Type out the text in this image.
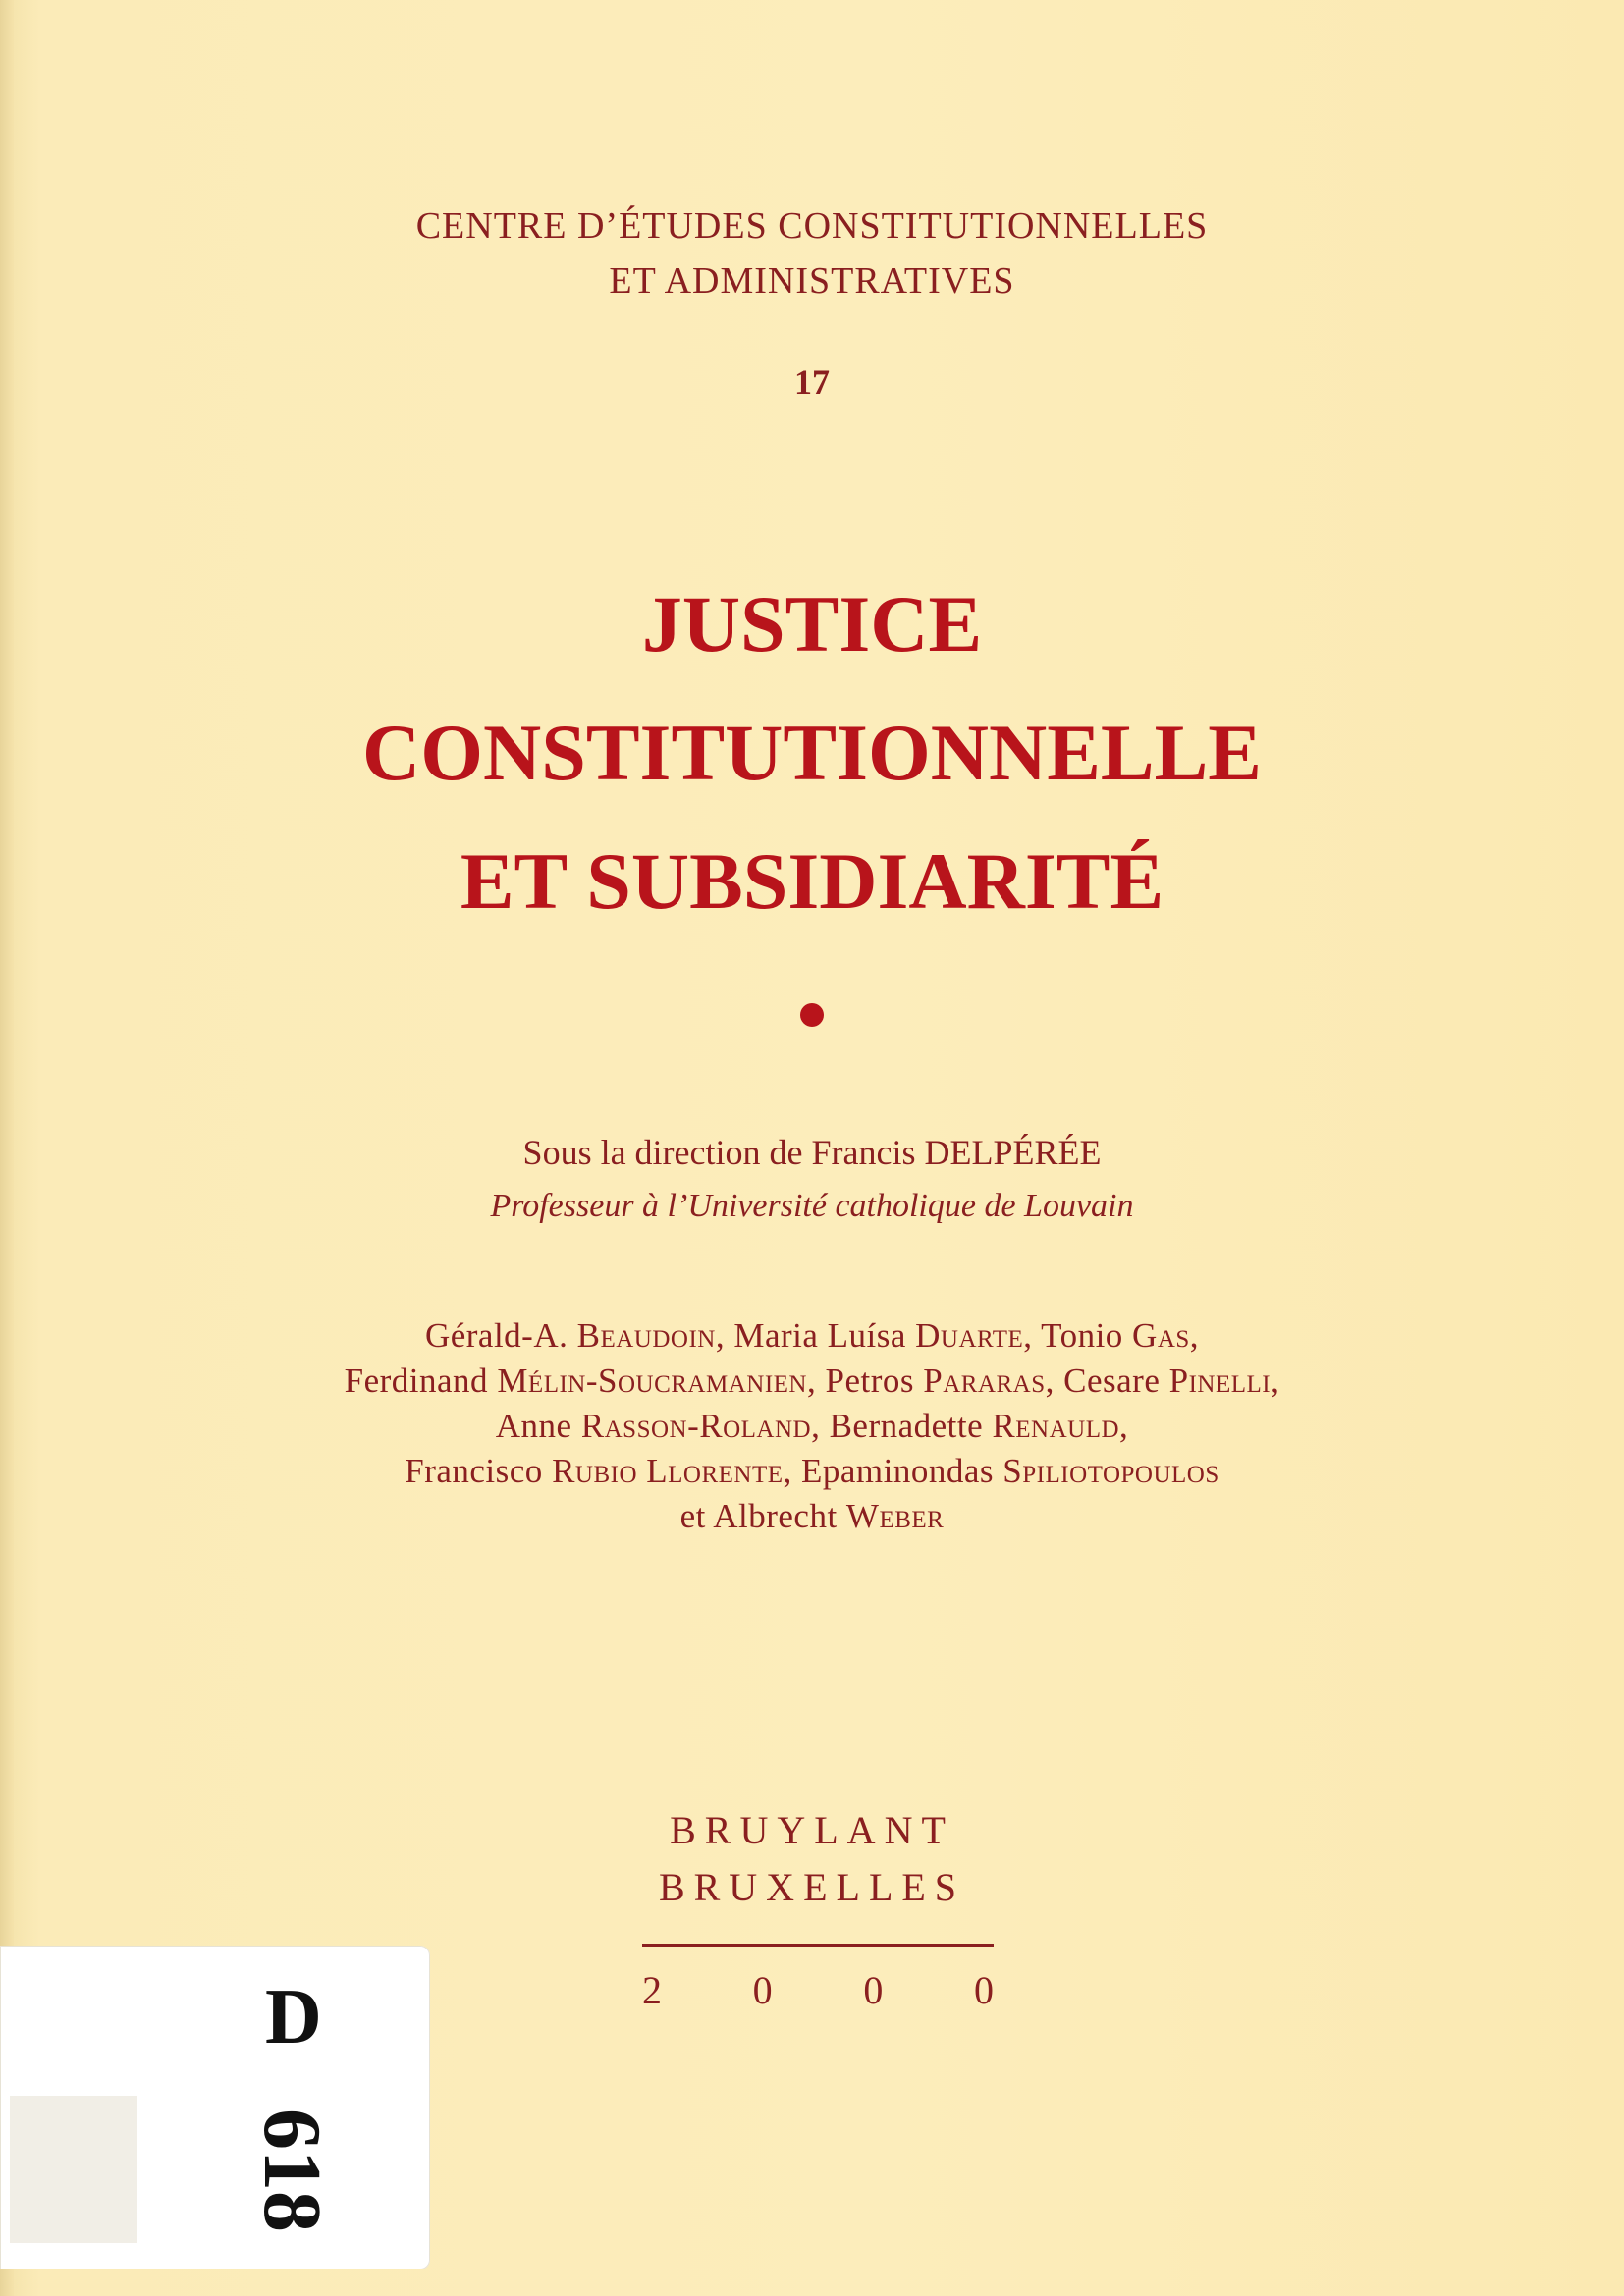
CENTRE D’ÉTUDES CONSTITUTIONNELLES
ET ADMINISTRATIVES
17
JUSTICE
CONSTITUTIONNELLE
ET SUBSIDIARITÉ
Sous la direction de Francis DELPÉRÉE
Professeur à l’Université catholique de Louvain
Gérald-A. Beaudoin, Maria Luísa Duarte, Tonio Gas,
Ferdinand Mélin-Soucramanien, Petros Pararas, Cesare Pinelli,
Anne Rasson-Roland, Bernadette Renauld,
Francisco Rubio Llorente, Epaminondas Spiliotopoulos
et Albrecht Weber
BRUYLANT
BRUXELLES
2 0 0 0
D
618
